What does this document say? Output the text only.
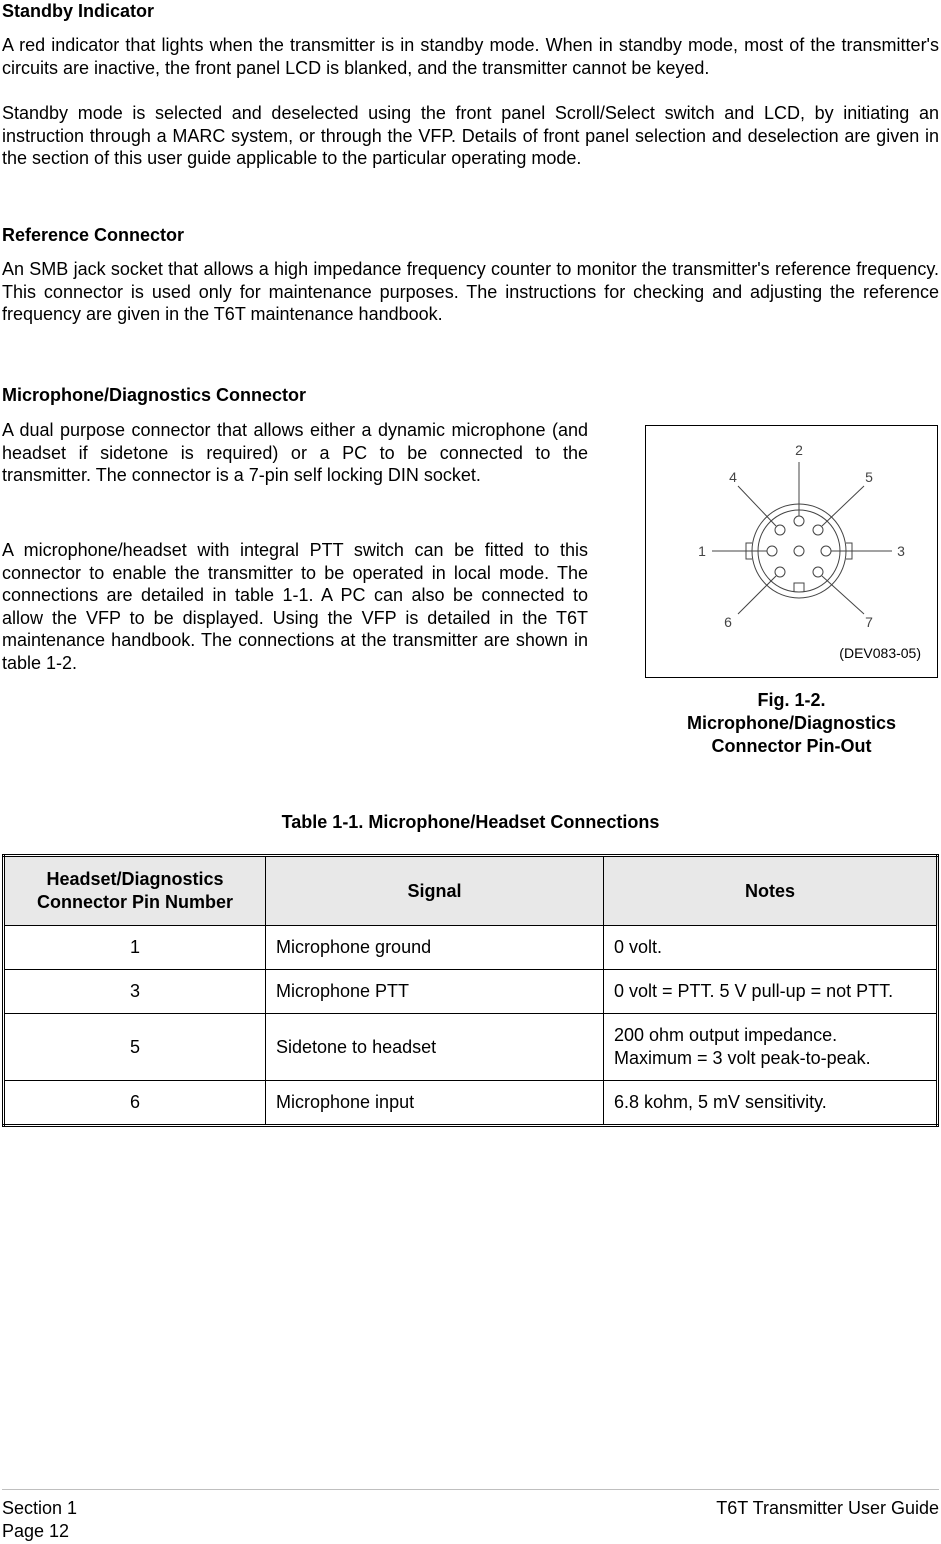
Standby Indicator

A red indicator that lights when the transmitter is in standby mode. When in standby mode, most of the transmitter's circuits are inactive, the front panel LCD is blanked, and the transmitter cannot be keyed.

Standby mode is selected and deselected using the front panel Scroll/Select switch and LCD, by initiating an instruction through a MARC system, or through the VFP. Details of front panel selection and deselection are given in the section of this user guide applicable to the particular operating mode.

Reference Connector

An SMB jack socket that allows a high impedance frequency counter to monitor the transmitter's reference frequency. This connector is used only for maintenance purposes. The instructions for checking and adjusting the reference frequency are given in the T6T maintenance handbook.

Microphone/Diagnostics Connector

A dual purpose connector that allows either a dynamic microphone (and headset if sidetone is required) or a PC to be connected to the transmitter. The connector is a 7-pin self locking DIN socket.

A microphone/headset with integral PTT switch can be fitted to this connector to enable the transmitter to be operated in local mode. The connections are detailed in table 1-1. A PC can also be connected to allow the VFP to be displayed. Using the VFP is detailed in the T6T maintenance handbook. The connections at the transmitter are shown in table 1-2.

2
4	5
1	3
6	7
(DEV083-05)
Fig. 1-2.
Microphone/Diagnostics
Connector Pin-Out
Table 1-1. Microphone/Headset Connections
Headset/Diagnostics
Connector Pin Number	Signal	Notes
1	Microphone ground	0 volt.
3	Microphone PTT	0 volt = PTT. 5 V pull-up = not PTT.
5	Sidetone to headset	200 ohm output impedance.
Maximum = 3 volt peak-to-peak.

6	Microphone input	6.8 kohm, 5 mV sensitivity.
Section 1
Page 12
T6T Transmitter User Guide
